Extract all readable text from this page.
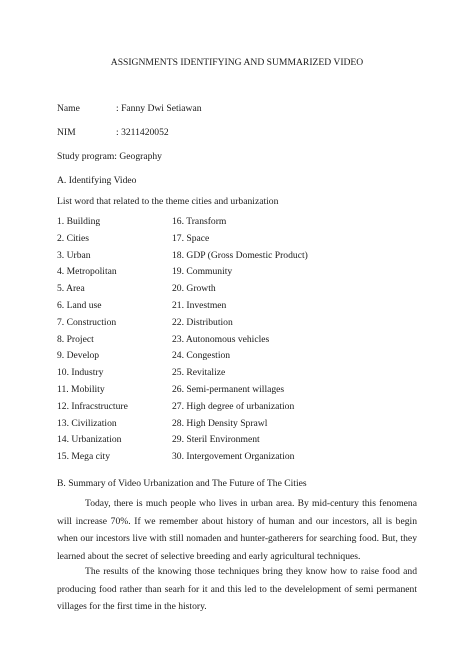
ASSIGNMENTS IDENTIFYING AND SUMMARIZED VIDEO
Name	: Fanny Dwi Setiawan
NIM	: 3211420052
Study program: Geography
A. Identifying Video
List word that related to the theme cities and urbanization
1. Building	16. Transform
2. Cities	17. Space
3. Urban	18. GDP (Gross Domestic Product)
4. Metropolitan	19. Community
5. Area	20. Growth
6. Land use	21. Investmen
7. Construction	22. Distribution
8. Project	23. Autonomous vehicles
9. Develop	24. Congestion
10. Industry	25. Revitalize
11. Mobility	26. Semi-permanent willages
12. Infracstructure	27. High degree of urbanization
13. Civilization	28. High Density Sprawl
14. Urbanization	29. Steril Environment
15. Mega city	30. Intergovement Organization
B. Summary of Video Urbanization and The Future of The Cities

Today, there is much people who lives in urban area. By mid-century this fenomena will increase 70%. If we remember about history of human and our incestors, all is begin when our incestors live with still nomaden and hunter-gatherers for searching food. But, they learned about the secret of selective breeding and early agricultural techniques.

The results of the knowing those techniques bring they know how to raise food and producing food rather than searh for it and this led to the develelopment of semi permanent villages for the first time in the history.
